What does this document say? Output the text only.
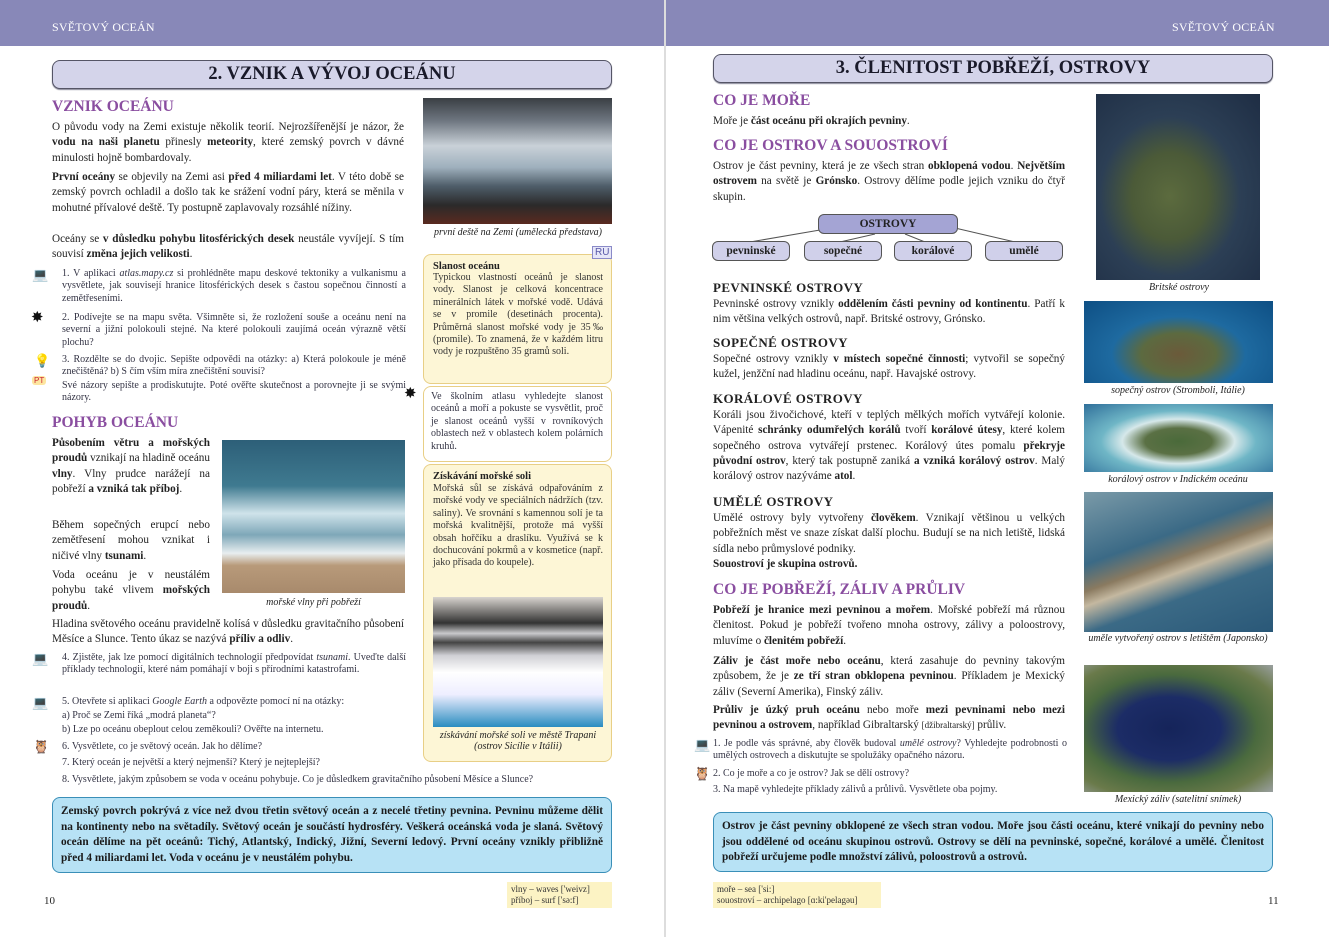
SVĚTOVÝ OCEÁN	SVĚTOVÝ OCEÁN
2. VZNIK A VÝVOJ OCEÁNU
VZNIK OCEÁNU
O původu vody na Zemi existuje několik teorií. Nejrozšířenější je názor, že vodu na naši planetu přinesly meteority, které zemský povrch v dávné minulosti hojně bombardovaly.
První oceány se objevily na Zemi asi před 4 miliardami let. V této době se zemský povrch ochladil a došlo tak ke srážení vodní páry, která se měnila v mohutné přívalové deště. Ty postupně zaplavovaly rozsáhlé nížiny.
Oceány se v důsledku pohybu litosférických desek neustále vyvíjejí. S tím souvisí změna jejich velikosti.
první deště na Zemi (umělecká představa)
💻 1. V aplikaci atlas.mapy.cz si prohlédněte mapu deskové tektoniky a vulkanismu a vysvětlete, jak souvisejí hranice litosférických desek s častou sopečnou činností a zemětřeseními.
✸ 2. Podívejte se na mapu světa. Všimněte si, že rozložení souše a oceánu není na severní a jižní polokouli stejné. Na které polokouli zaujímá oceán výrazně větší plochu?
💡 3. Rozdělte se do dvojic. Sepište odpovědi na otázky: a) Která polokoule je méně znečištěná? b) S čím vším míra znečištění souvisí?
PT Své názory sepište a prodiskutujte. Poté ověřte skutečnost a porovnejte ji se svými názory.	✸
RU
Slanost oceánu
Typickou vlastností oceánů je slanost vody. Slanost je celková koncentrace minerálních látek v mořské vodě. Udává se v promile (desetinách procenta). Průměrná slanost mořské vody je 35‰ (promile). To znamená, že v každém litru vody je rozpuštěno 35 gramů soli.
Ve školním atlasu vyhledejte slanost oceánů a moří a pokuste se vysvětlit, proč je slanost oceánů vyšší v rovníkových oblastech než v oblastech kolem polárních kruhů.
Získávání mořské soli
Mořská sůl se získává odpařováním z mořské vody ve speciálních nádržích (tzv. saliny). Ve srovnání s kamennou solí je ta mořská kvalitnější, protože má vyšší obsah hořčíku a draslíku. Využívá se k dochucování pokrmů a v kosmetice (např. jako přísada do koupele).
získávání mořské soli ve městě Trapani (ostrov Sicílie v Itálii)
POHYB OCEÁNU
Působením větru a mořských proudů vznikají na hladině oceánu vlny. Vlny prudce narážejí na pobřeží a vzniká tak příboj.
Během sopečných erupcí nebo zemětřesení mohou vznikat i ničivé vlny tsunami.
Voda oceánu je v neustálém pohybu také vlivem mořských proudů.	mořské vlny při pobřeží
Hladina světového oceánu pravidelně kolísá v důsledku gravitačního působení Měsíce a Slunce. Tento úkaz se nazývá příliv a odliv.
💻 4. Zjistěte, jak lze pomocí digitálních technologií předpovídat tsunami. Uveďte další příklady technologií, které nám pomáhají v boji s přírodními katastrofami.
💻 5. Otevřete si aplikaci Google Earth a odpovězte pomocí ní na otázky:
a) Proč se Zemi říká „modrá planeta“?
b) Lze po oceánu obeplout celou zeměkouli? Ověřte na internetu.
🦉 6. Vysvětlete, co je světový oceán. Jak ho dělíme?
7. Který oceán je největší a který nejmenší? Který je nejteplejší?
8. Vysvětlete, jakým způsobem se voda v oceánu pohybuje. Co je důsledkem gravitačního působení Měsíce a Slunce?
Zemský povrch pokrývá z více než dvou třetin světový oceán a z necelé třetiny pevnina. Pevninu můžeme dělit na kontinenty nebo na světadíly. Světový oceán je součástí hydrosféry. Veškerá oceánská voda je slaná. Světový oceán dělíme na pět oceánů: Tichý, Atlantský, Indický, Jižní, Severní ledový. První oceány vznikly přibližně před 4 miliardami let. Voda v oceánu je v neustálém pohybu.
10
vlny – waves ['weivz]
příboj – surf ['sə:f]
3. ČLENITOST POBŘEŽÍ, OSTROVY
CO JE MOŘE
Moře je část oceánu při okrajích pevniny.
CO JE OSTROV A SOUOSTROVÍ
Ostrov je část pevniny, která je ze všech stran obklopená vodou. Největším ostrovem na světě je Grónsko. Ostrovy dělíme podle jejich vzniku do čtyř skupin.
OSTROVY
pevninské	sopečné	korálové	umělé
PEVNINSKÉ OSTROVY
Pevninské ostrovy vznikly oddělením části pevniny od kontinentu. Patří k nim většina velkých ostrovů, např. Britské ostrovy, Grónsko.
SOPEČNÉ OSTROVY
Sopečné ostrovy vznikly v místech sopečné činnosti; vytvořil se sopečný kužel, jenžční nad hladinu oceánu, např. Havajské ostrovy.
KORÁLOVÉ OSTROVY
Koráli jsou živočichové, kteří v teplých mělkých mořích vytvářejí kolonie. Vápenité schránky odumřelých korálů tvoří korálové útesy, které kolem sopečného ostrova vytvářejí prstenec. Korálový útes pomalu překryje původní ostrov, který tak postupně zaniká a vzniká korálový ostrov. Malý korálový ostrov nazýváme atol.
UMĚLÉ OSTROVY
Umělé ostrovy byly vytvořeny člověkem. Vznikají většinou u velkých pobřežních měst ve snaze získat další plochu. Budují se na nich letiště, lidská sídla nebo průmyslové podniky.
Souostroví je skupina ostrovů.
CO JE POBŘEŽÍ, ZÁLIV A PRŮLIV
Pobřeží je hranice mezi pevninou a mořem. Mořské pobřeží má různou členitost. Pokud je pobřeží tvořeno mnoha ostrovy, zálivy a poloostrovy, mluvíme o členitém pobřeží.
Záliv je část moře nebo oceánu, která zasahuje do pevniny takovým způsobem, že je ze tří stran obklopena pevninou. Příkladem je Mexický záliv (Severní Amerika), Finský záliv.
Průliv je úzký pruh oceánu nebo moře mezi pevninami nebo mezi pevninou a ostrovem, například Gibraltarský [džibraltarský] průliv.
💻 1. Je podle vás správné, aby člověk budoval umělé ostrovy? Vyhledejte podrobnosti o umělých ostrovech a diskutujte se spolužáky opačného názoru.
🦉 2. Co je moře a co je ostrov? Jak se dělí ostrovy?
3. Na mapě vyhledejte příklady zálivů a průlivů. Vysvětlete oba pojmy.
Britské ostrovy
sopečný ostrov (Stromboli, Itálie)
korálový ostrov v Indickém oceánu
uměle vytvořený ostrov s letištěm (Japonsko)
Mexický záliv (satelitní snímek)
Ostrov je část pevniny obklopené ze všech stran vodou. Moře jsou části oceánu, které vnikají do pevniny nebo jsou oddělené od oceánu skupinou ostrovů. Ostrovy se dělí na pevninské, sopečné, korálové a umělé. Členitost pobřeží určujeme podle množství zálivů, poloostrovů a ostrovů.
moře – sea ['si:]
souostroví – archipelago [ɑ:ki'pelagəu]	11
